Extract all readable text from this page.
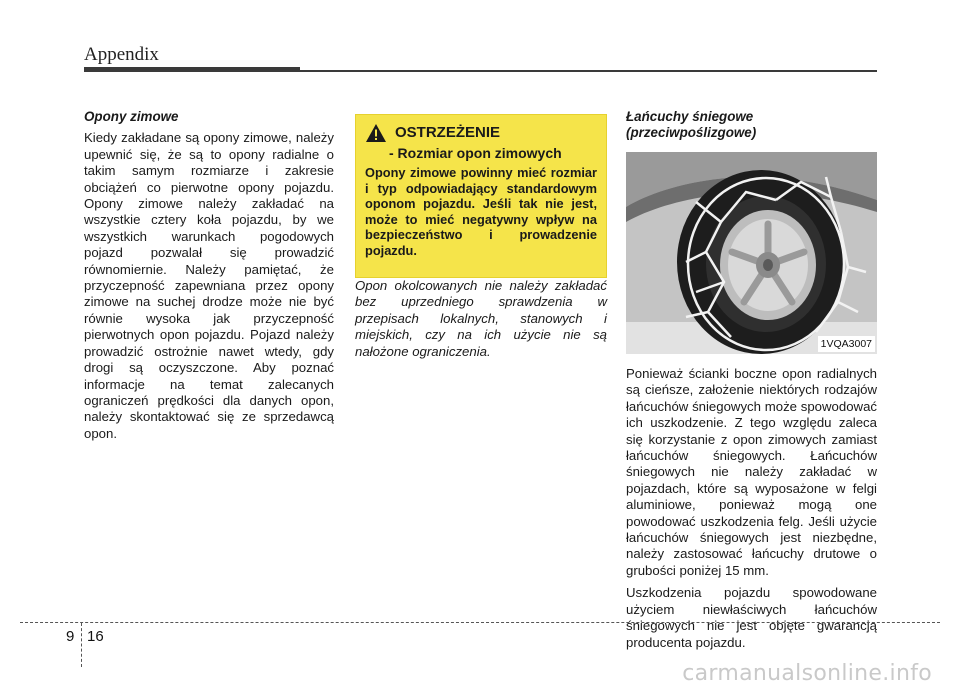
Appendix
Opony zimowe

Kiedy zakładane są opony zimowe, należy upewnić się, że są to opony radialne o takim samym rozmiarze i zakresie obciążeń co pierwotne opony pojazdu. Opony zimowe należy zakładać na wszystkie cztery koła pojazdu, by we wszystkich warunkach pogodowych pojazd pozwalał się prowadzić równomiernie. Należy pamiętać, że przyczepność zapewniana przez opony zimowe na suchej drodze może nie być równie wysoka jak przyczepność pierwotnych opon pojazdu. Pojazd należy prowadzić ostrożnie nawet wtedy, gdy drogi są oczyszczone. Aby poznać informacje na temat zalecanych ograniczeń prędkości dla danych opon, należy skontaktować się ze sprzedawcą opon.

OSTRZEŻENIE
- Rozmiar opon zimowych

Opony zimowe powinny mieć rozmiar i typ odpowiadający standardowym oponom pojazdu. Jeśli tak nie jest, może to mieć negatywny wpływ na bezpieczeństwo i prowadzenie pojazdu.

Opon okolcowanych nie należy zakładać bez uprzedniego sprawdzenia w przepisach lokalnych, stanowych i miejskich, czy na ich użycie nie są nałożone ograniczenia.

Łańcuchy śniegowe
(przeciwpoślizgowe)
1VQA3007

Ponieważ ścianki boczne opon radialnych są cieńsze, założenie niektórych rodzajów łańcuchów śniegowych może spowodować ich uszkodzenie. Z tego względu zaleca się korzystanie z opon zimowych zamiast łańcuchów śniegowych. Łańcuchów śniegowych nie należy zakładać w pojazdach, które są wyposażone w felgi aluminiowe, ponieważ mogą one powodować uszkodzenia felg. Jeśli użycie łańcuchów śniegowych jest niezbędne, należy zastosować łańcuchy drutowe o grubości poniżej 15 mm.

Uszkodzenia pojazdu spowodowane użyciem niewłaściwych łańcuchów śniegowych nie jest objęte gwarancją producenta pojazdu.

9 16
carmanualsonline.info
